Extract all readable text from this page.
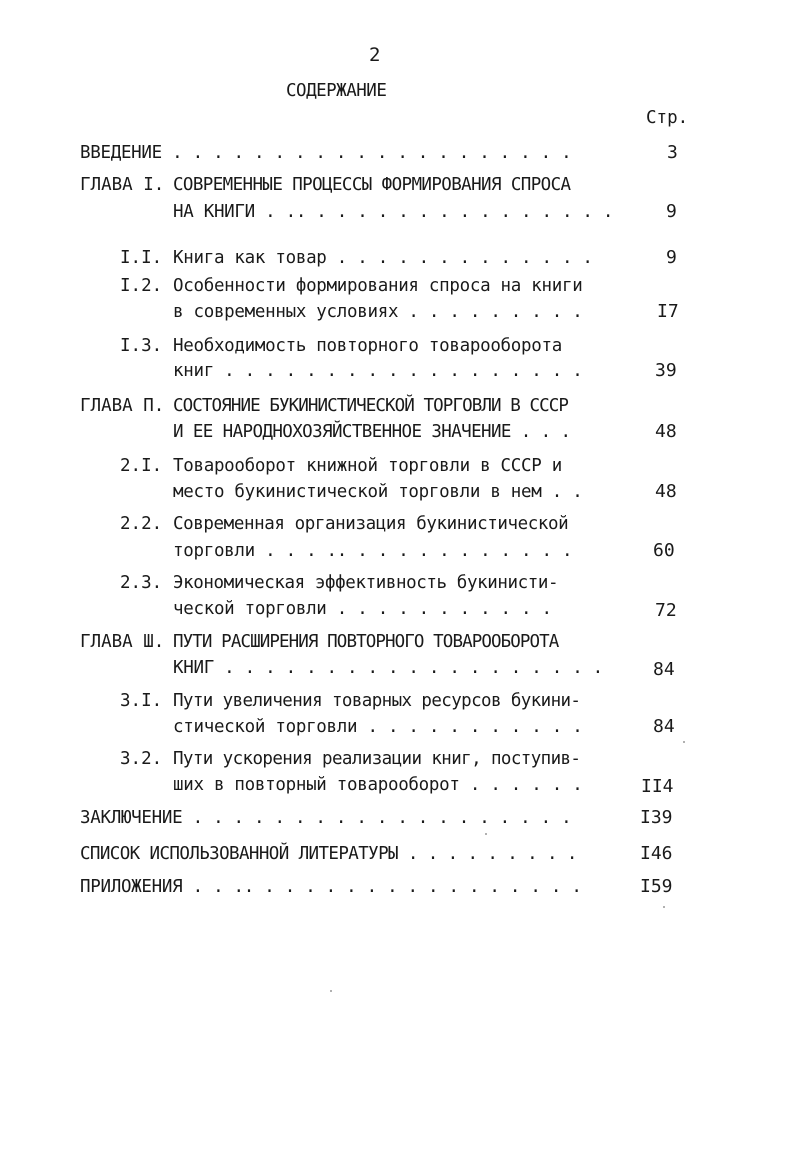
2
СОДЕРЖАНИЕ
Стр.
ВВЕДЕНИЕ . . . . . . . . . . . . . . . . . . . .	3
ГЛАВА I. СОВРЕМЕННЫЕ ПРОЦЕССЫ ФОРМИРОВАНИЯ СПРОСА
НА КНИГИ . .. . . . . . . . . . . . . . . .	9
I.I. Книга как товар . . . . . . . . . . . . .	9
I.2. Особенности формирования спроса на книги
в современных условиях . . . . . . . . .	I7
I.3. Необходимость повторного товарооборота
книг . . . . . . . . . . . . . . . . . .	39
ГЛАВА П. СОСТОЯНИЕ БУКИНИСТИЧЕСКОЙ ТОРГОВЛИ В СССР
И ЕЕ НАРОДНОХОЗЯЙСТВЕННОЕ ЗНАЧЕНИЕ . . .	48
2.I. Товарооборот книжной торговли в СССР и
место букинистической торговли в нем . .	48
2.2. Современная организация букинистической
торговли . . . .. . . . . . . . . . . .	60
2.3. Экономическая эффективность букинисти-
ческой торговли . . . . . . . . . . .	72
ГЛАВА Ш. ПУТИ РАСШИРЕНИЯ ПОВТОРНОГО ТОВАРООБОРОТА
КНИГ . . . . . . . . . . . . . . . . . . .	84
3.I. Пути увеличения товарных ресурсов букини-
стической торговли . . . . . . . . . . .	84
3.2. Пути ускорения реализации книг, поступив-
ших в повторный товарооборот . . . . . .	II4
ЗАКЛЮЧЕНИЕ . . . . . . . . . . . . . . . . . . .	I39
СПИСОК ИСПОЛЬЗОВАННОЙ ЛИТЕРАТУРЫ . . . . . . . . .	I46
ПРИЛОЖЕНИЯ . . .. . . . . . . . . . . . . . . . .	I59
